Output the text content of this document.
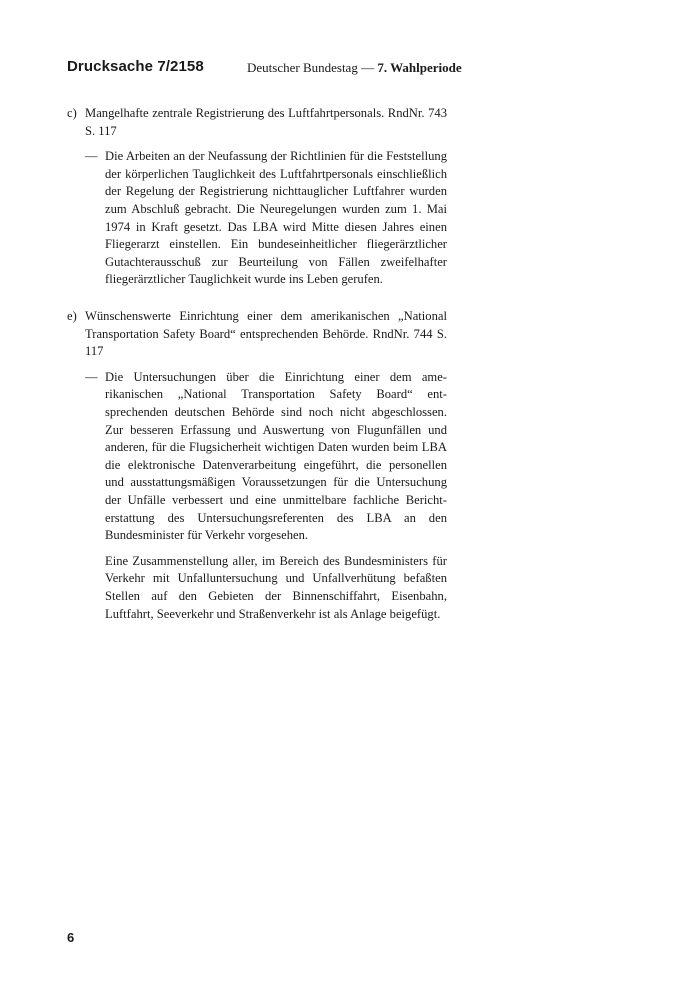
Drucksache 7/2158	Deutscher Bundestag — 7. Wahlperiode
c) Mangelhafte zentrale Registrierung des Luftfahrtpersonals. RndNr. 743 S. 117
— Die Arbeiten an der Neufassung der Richtlinien für die Feststellung der körperlichen Tauglichkeit des Luftfahrtpersonals einschließlich der Regelung der Registrierung nichttauglicher Luftfahrer wurden zum Abschluß gebracht. Die Neuregelungen wurden zum 1. Mai 1974 in Kraft gesetzt. Das LBA wird Mitte diesen Jahres einen Fliegerarzt einstellen. Ein bundeseinheitlicher fliegerärztlicher Gutachterausschuß zur Beurteilung von Fällen zweifelhafter fliegerärztlicher Tauglichkeit wurde ins Leben gerufen.
e) Wünschenswerte Einrichtung einer dem amerikanischen „National Transportation Safety Board“ entsprechenden Behörde. RndNr. 744 S. 117
— Die Untersuchungen über die Einrichtung einer dem amerikanischen „National Transportation Safety Board“ entsprechenden deutschen Behörde sind noch nicht abgeschlossen. Zur besseren Erfassung und Auswertung von Flugunfällen und anderen, für die Flugsicherheit wichtigen Daten wurden beim LBA die elektronische Datenverarbeitung eingeführt, die personellen und ausstattungsmäßigen Voraussetzungen für die Untersuchung der Unfälle verbessert und eine unmittelbare fachliche Berichterstattung des Untersuchungsreferenten des LBA an den Bundesminister für Verkehr vorgesehen.
Eine Zusammenstellung aller, im Bereich des Bundesministers für Verkehr mit Unfalluntersuchung und Unfallverhütung befaßten Stellen auf den Gebieten der Binnenschiffahrt, Eisenbahn, Luftfahrt, Seeverkehr und Straßenverkehr ist als Anlage beigefügt.
6
